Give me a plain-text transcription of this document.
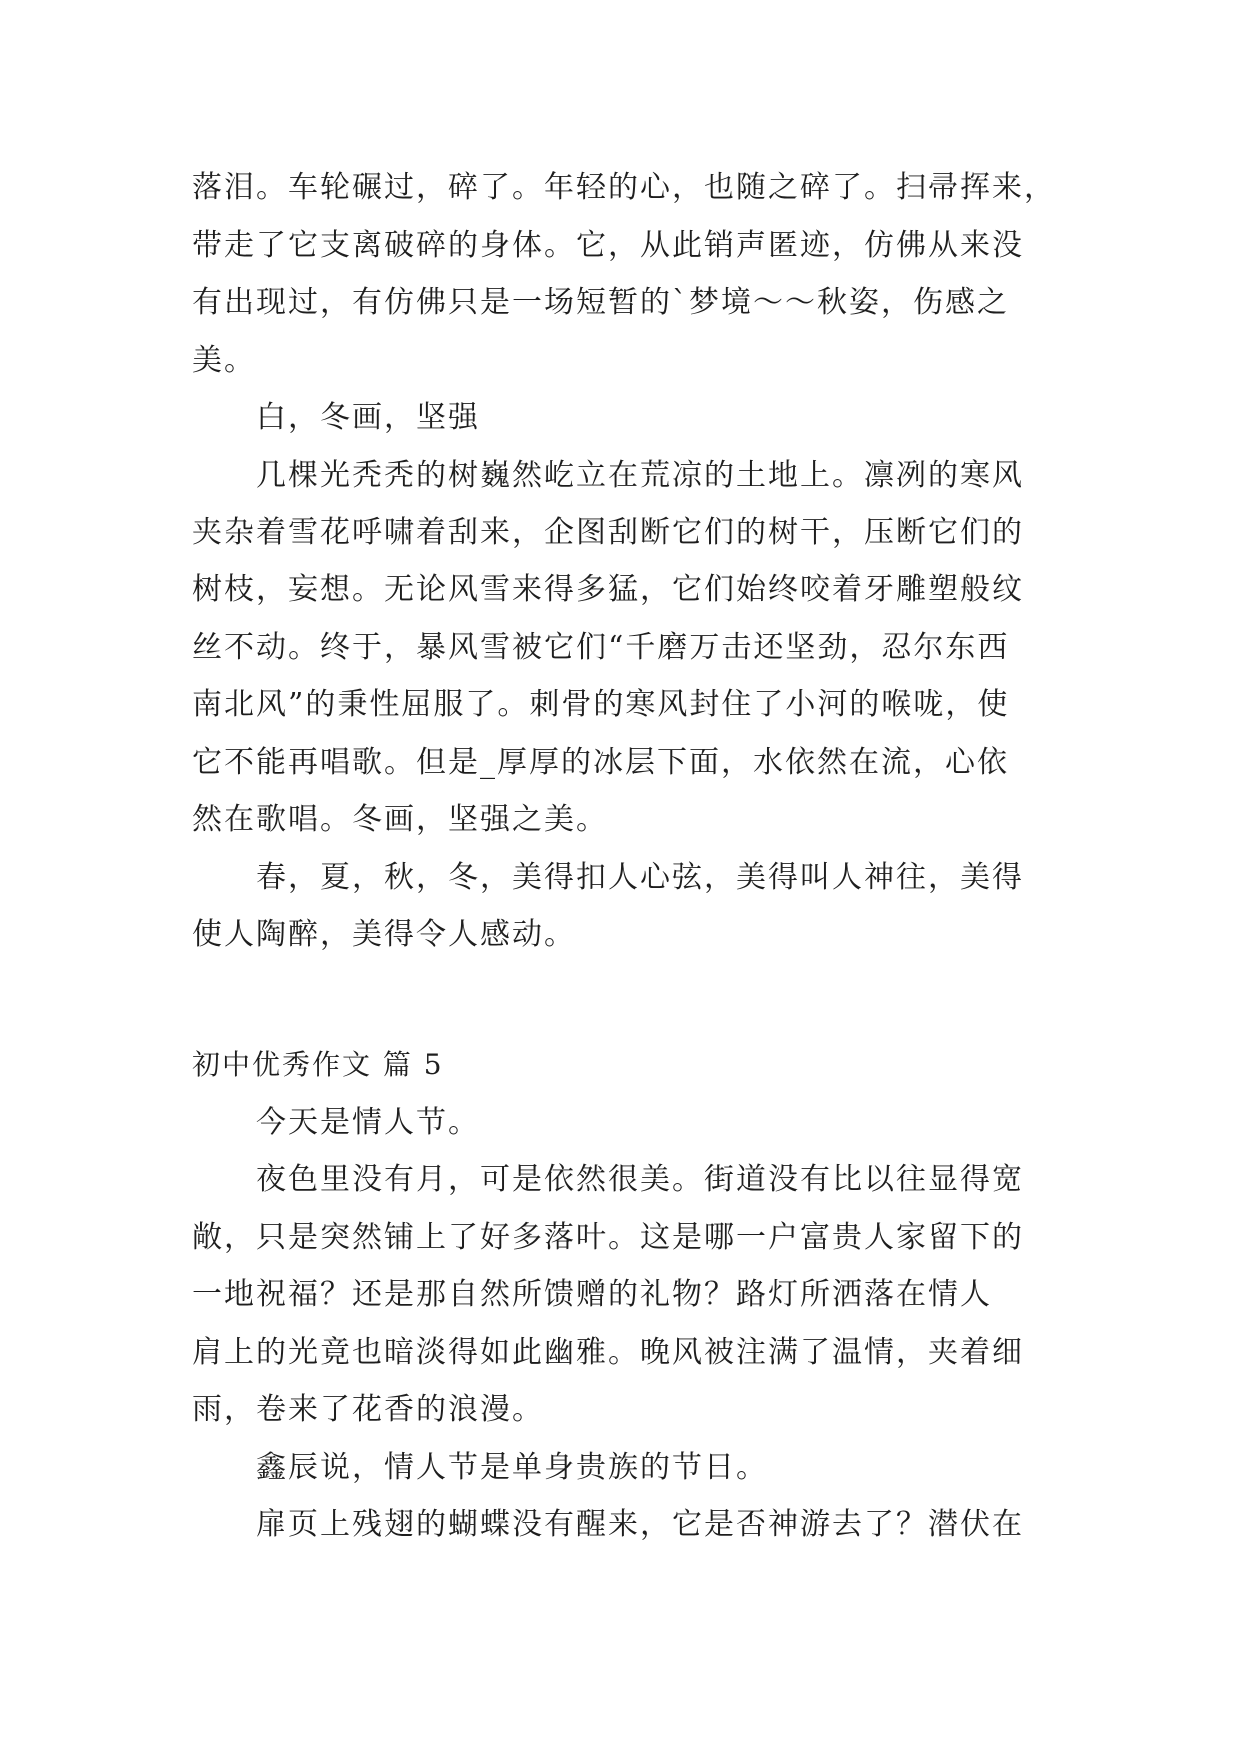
落泪。车轮碾过，碎了。年轻的心，也随之碎了。扫帚挥来，

带走了它支离破碎的身体。它，从此销声匿迹，仿佛从来没

有出现过，有仿佛只是一场短暂的`梦境～～秋姿，伤感之

美。

白，冬画，坚强

几棵光秃秃的树巍然屹立在荒凉的土地上。凛冽的寒风

夹杂着雪花呼啸着刮来，企图刮断它们的树干，压断它们的

树枝，妄想。无论风雪来得多猛，它们始终咬着牙雕塑般纹

丝不动。终于，暴风雪被它们“千磨万击还坚劲，忍尔东西

南北风”的秉性屈服了。刺骨的寒风封住了小河的喉咙，使

它不能再唱歌。但是_厚厚的冰层下面，水依然在流，心依

然在歌唱。冬画，坚强之美。

春，夏，秋，冬，美得扣人心弦，美得叫人神往，美得

使人陶醉，美得令人感动。

初中优秀作文 篇 5

今天是情人节。

夜色里没有月，可是依然很美。街道没有比以往显得宽

敞，只是突然铺上了好多落叶。这是哪一户富贵人家留下的

一地祝福？还是那自然所馈赠的礼物？路灯所洒落在情人

肩上的光竟也暗淡得如此幽雅。晚风被注满了温情，夹着细

雨，卷来了花香的浪漫。

鑫辰说，情人节是单身贵族的节日。

扉页上残翅的蝴蝶没有醒来，它是否神游去了？潜伏在
